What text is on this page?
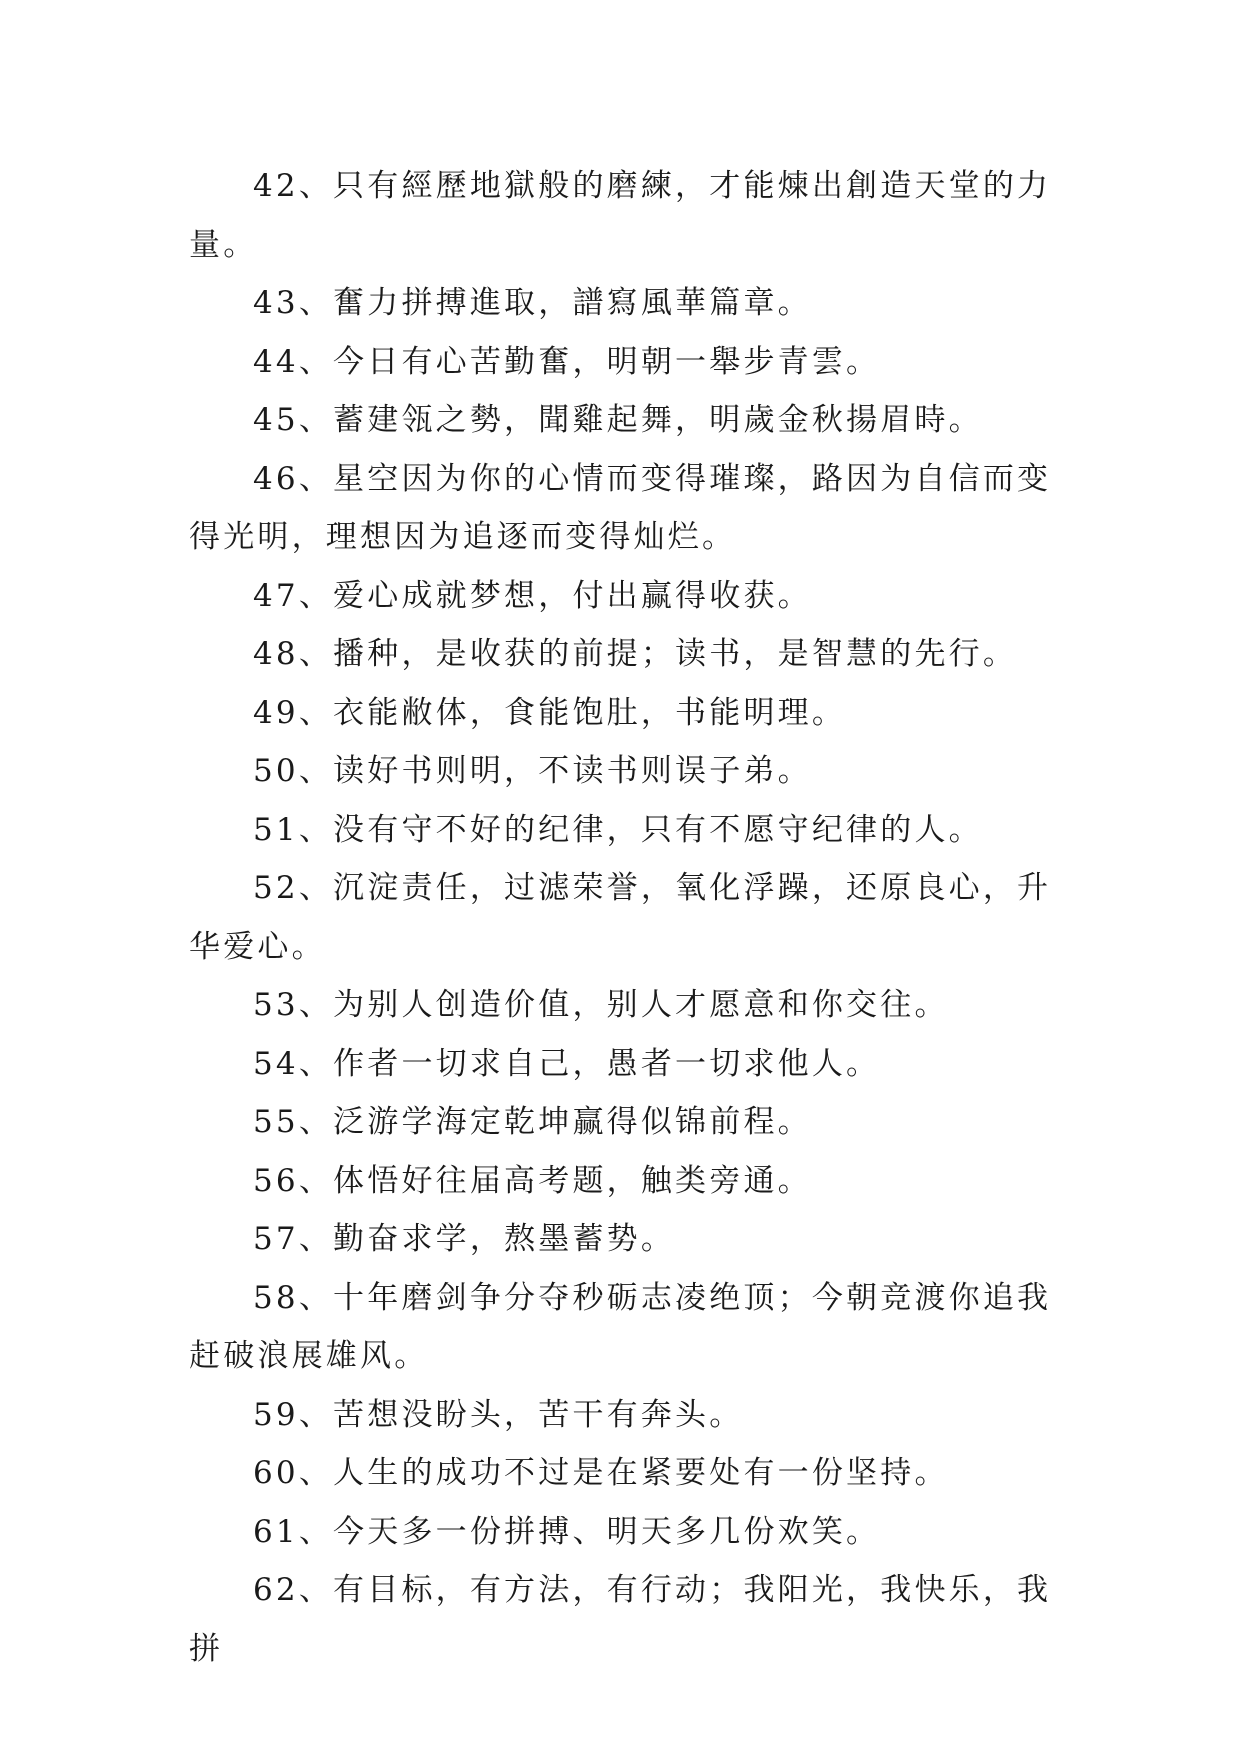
42、只有經歷地獄般的磨練，才能煉出創造天堂的力量。

43、奮力拼搏進取，譜寫風華篇章。

44、今日有心苦勤奮，明朝一舉步青雲。

45、蓄建瓴之勢，聞雞起舞，明歲金秋揚眉時。

46、星空因为你的心情而变得璀璨，路因为自信而变得光明，理想因为追逐而变得灿烂。

47、爱心成就梦想，付出赢得收获。

48、播种，是收获的前提；读书，是智慧的先行。

49、衣能敝体，食能饱肚，书能明理。

50、读好书则明，不读书则误子弟。

51、没有守不好的纪律，只有不愿守纪律的人。

52、沉淀责任，过滤荣誉，氧化浮躁，还原良心，升华爱心。

53、为别人创造价值，别人才愿意和你交往。

54、作者一切求自己，愚者一切求他人。

55、泛游学海定乾坤赢得似锦前程。

56、体悟好往届高考题，触类旁通。

57、勤奋求学，熬墨蓄势。

58、十年磨剑争分夺秒砺志凌绝顶；今朝竞渡你追我赶破浪展雄风。

59、苦想没盼头，苦干有奔头。

60、人生的成功不过是在紧要处有一份坚持。

61、今天多一份拼搏、明天多几份欢笑。

62、有目标，有方法，有行动；我阳光，我快乐，我拼
